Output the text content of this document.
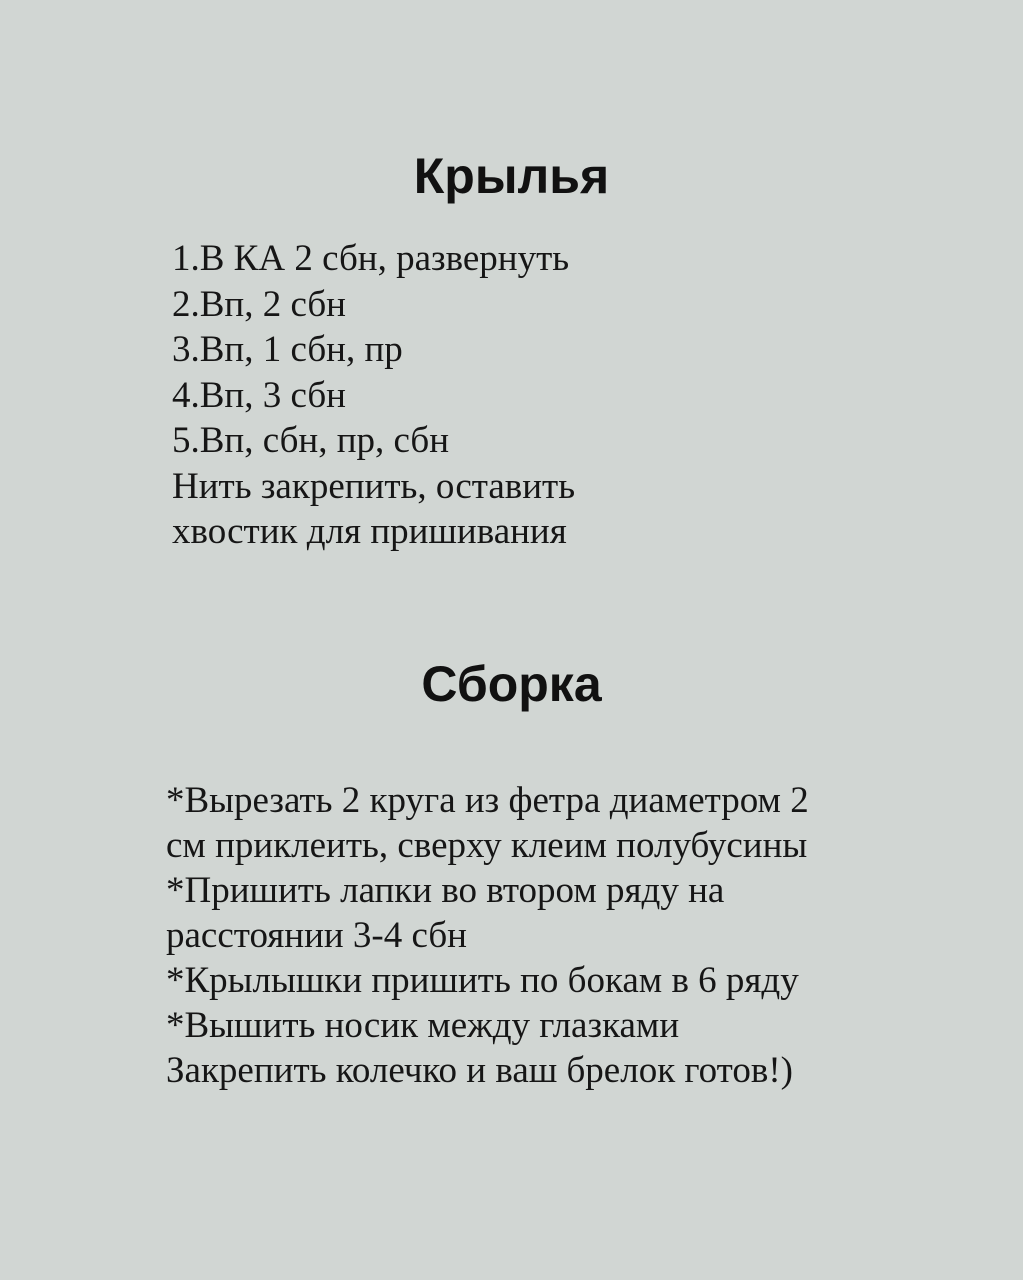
Крылья
1.В КА 2 сбн, развернуть
2.Вп, 2 сбн
3.Вп, 1 сбн, пр
4.Вп, 3 сбн
5.Вп, сбн, пр, сбн
Нить закрепить, оставить
хвостик для пришивания
Сборка
*Вырезать 2 круга из фетра диаметром 2
см приклеить, сверху клеим полубусины
*Пришить лапки во втором ряду на
расстоянии 3-4 сбн
*Крылышки пришить по бокам в 6 ряду
*Вышить носик между глазками
Закрепить колечко и ваш брелок готов!)
